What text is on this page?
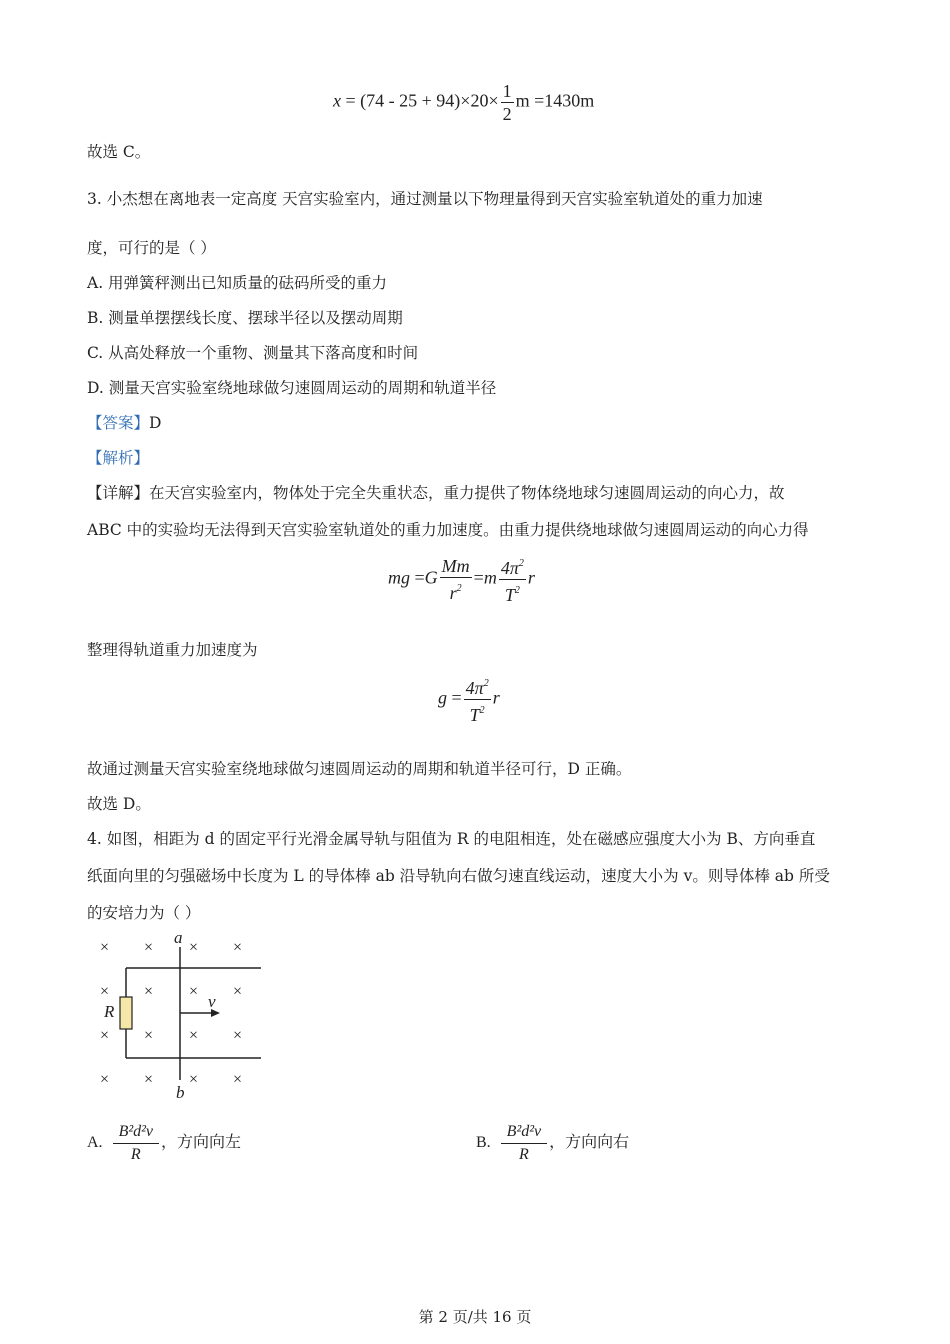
$x = (74 - 25 + 94)\times 20\times \frac{1}{2}$ m =1430m
故选 C。
3. 小杰想在离地表一定高度 天宫实验室内，通过测量以下物理量得到天宫实验室轨道处的重力加速
度，可行的是（ ）
A. 用弹簧秤测出已知质量的砝码所受的重力
B. 测量单摆摆线长度、摆球半径以及摆动周期
C. 从高处释放一个重物、测量其下落高度和时间
D. 测量天宫实验室绕地球做匀速圆周运动的周期和轨道半径
【答案】D
【解析】
【详解】在天宫实验室内，物体处于完全失重状态，重力提供了物体绕地球匀速圆周运动的向心力，故
ABC 中的实验均无法得到天宫实验室轨道处的重力加速度。由重力提供绕地球做匀速圆周运动的向心力得
mg $=G \frac{Mm}{r^2} =m \frac{4\pi^2}{T^2}$ r
整理得轨道重力加速度为
$g = \frac{4\pi^2}{T^2}$ r
故通过测量天宫实验室绕地球做匀速圆周运动的周期和轨道半径可行，D 正确。
故选 D。
4. 如图，相距为 d 的固定平行光滑金属导轨与阻值为 R 的电阻相连，处在磁感应强度大小为 B、方向垂直
纸面向里的匀强磁场中长度为 L 的导体棒 ab 沿导轨向右做匀速直线运动，速度大小为 v。则导体棒 ab 所受
的安培力为（ ）
× × × ×
× × × ×
× × × ×
× × × ×
a
b
R
v
A. $\frac{\text{B²d²v}}{R}$ ，方向向左	B. $\frac{\text{B²d²v}}{R}$ ，方向向右
第 2 页/共 16 页
